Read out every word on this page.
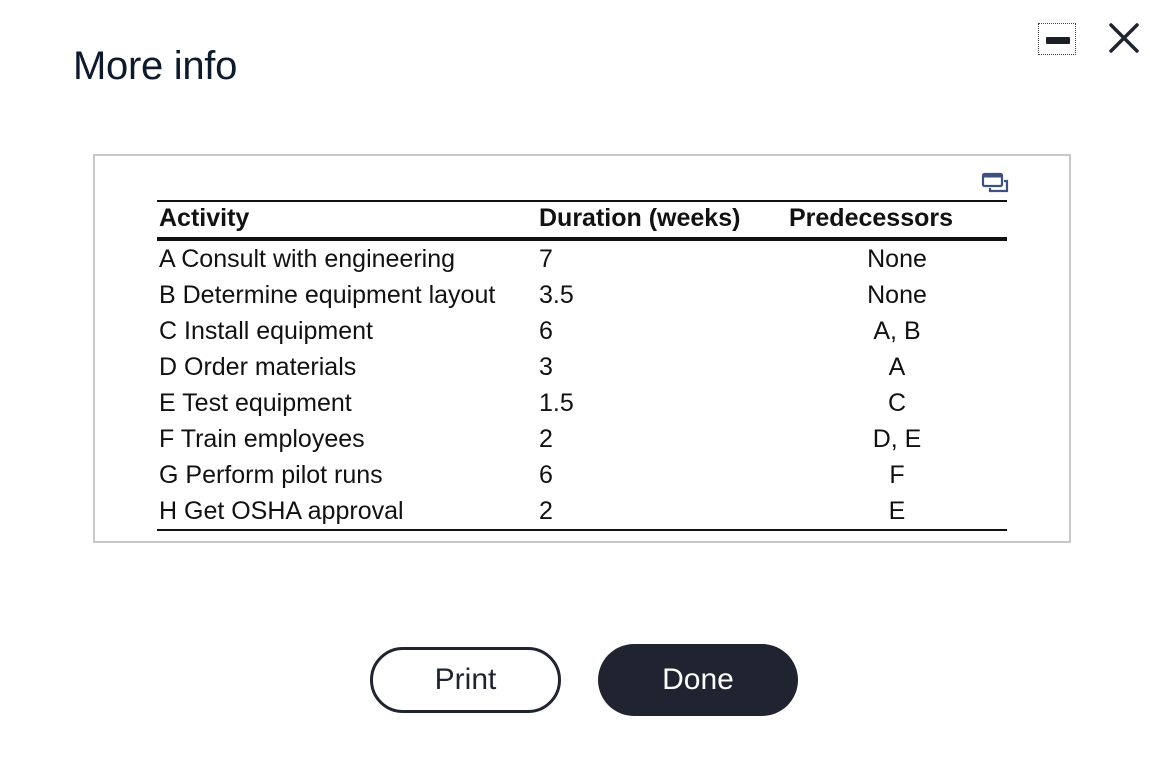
More info
Activity	Duration (weeks)	Predecessors
A Consult with engineering	7	None
B Determine equipment layout	3.5	None
C Install equipment	6	A, B
D Order materials	3	A
E Test equipment	1.5	C
F Train employees	2	D, E
G Perform pilot runs	6	F
H Get OSHA approval	2	E
Print	Done
